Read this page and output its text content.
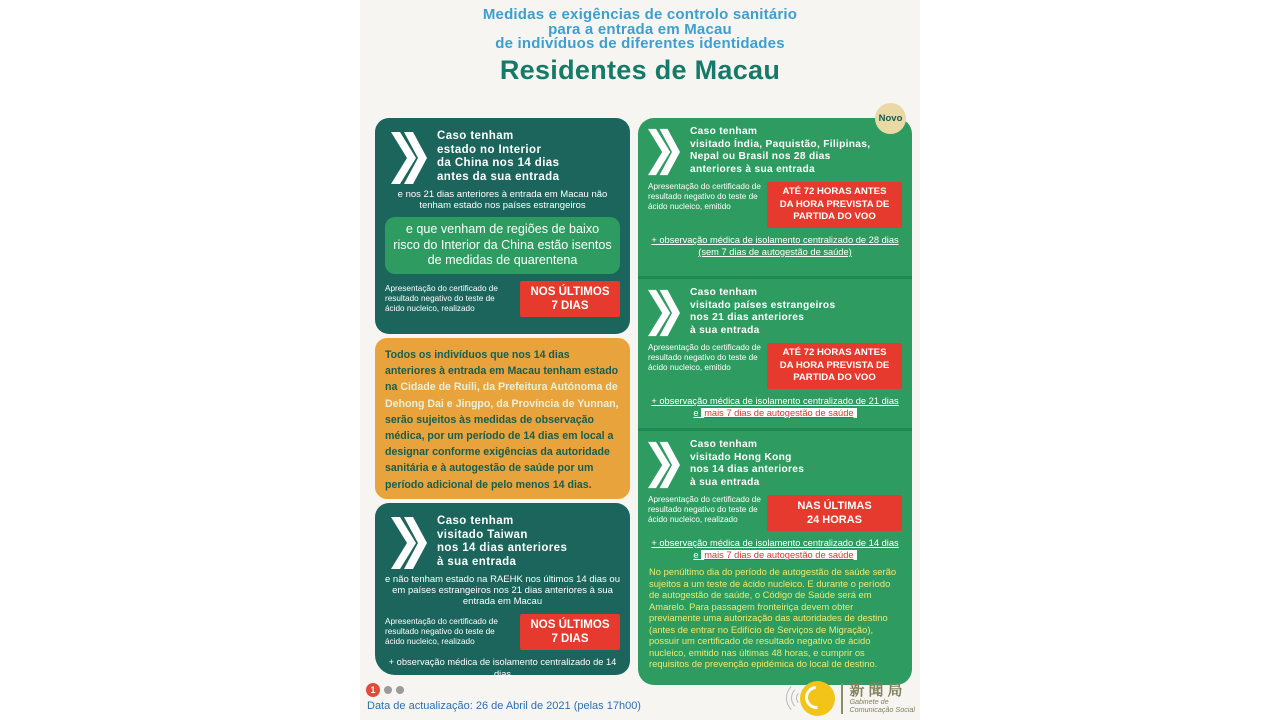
Medidas e exigências de controlo sanitário
para a entrada em Macau
de indivíduos de diferentes identidades
Residentes de Macau
Caso tenham
estado no Interior
da China nos 14 dias
antes da sua entrada

e nos 21 dias anteriores à entrada em Macau não tenham estado nos países estrangeiros

e que venham de regiões de baixo risco do Interior da China estão isentos de medidas de quarentena

Apresentação do certificado de resultado negativo do teste de ácido nucleico, realizado

NOS ÚLTIMOS
7 DIAS
Todos os indivíduos que nos 14 dias anteriores à entrada em Macau tenham estado na Cidade de Ruili, da Prefeitura Autónoma de Dehong Dai e Jingpo, da Província de Yunnan, serão sujeitos às medidas de observação médica, por um período de 14 dias em local a designar conforme exigências da autoridade sanitária e à autogestão de saúde por um período adicional de pelo menos 14 dias.
Caso tenham
visitado Taiwan
nos 14 dias anteriores
à sua entrada

e não tenham estado na RAEHK nos últimos 14 dias ou em países estrangeiros nos 21 dias anteriores à sua entrada em Macau

Apresentação do certificado de resultado negativo do teste de ácido nucleico, realizado

NOS ÚLTIMOS
7 DIAS

+ observação médica de isolamento centralizado de 14 dias

Novo
Caso tenham
visitado Índia, Paquistão, Filipinas,
Nepal ou Brasil nos 28 dias
anteriores à sua entrada

Apresentação do certificado de resultado negativo do teste de ácido nucleico, emitido

ATÉ 72 HORAS ANTES
DA HORA PREVISTA DE
PARTIDA DO VOO

+ observação médica de isolamento centralizado de 28 dias (sem 7 dias de autogestão de saúde)

Caso tenham
visitado países estrangeiros
nos 21 dias anteriores
à sua entrada

Apresentação do certificado de resultado negativo do teste de ácido nucleico, emitido

ATÉ 72 HORAS ANTES
DA HORA PREVISTA DE
PARTIDA DO VOO

+ observação médica de isolamento centralizado de 21 dias e mais 7 dias de autogestão de saúde

Caso tenham
visitado Hong Kong
nos 14 dias anteriores
à sua entrada

Apresentação do certificado de resultado negativo do teste de ácido nucleico, realizado

NAS ÚLTIMAS
24 HORAS

+ observação médica de isolamento centralizado de 14 dias e mais 7 dias de autogestão de saúde

No penúltimo dia do período de autogestão de saúde serão sujeitos a um teste de ácido nucleico. E durante o período de autogestão de saúde, o Código de Saúde será em Amarelo. Para passagem fronteiriça devem obter previamente uma autorização das autoridades de destino (antes de entrar no Edifício de Serviços de Migração), possuir um certificado de resultado negativo de ácido nucleico, emitido nas últimas 48 horas, e cumprir os requisitos de prevenção epidémica do local de destino.

1
Data de actualização: 26 de Abril de 2021 (pelas 17h00)
新聞局
Gabinete de
Comunicação Social
